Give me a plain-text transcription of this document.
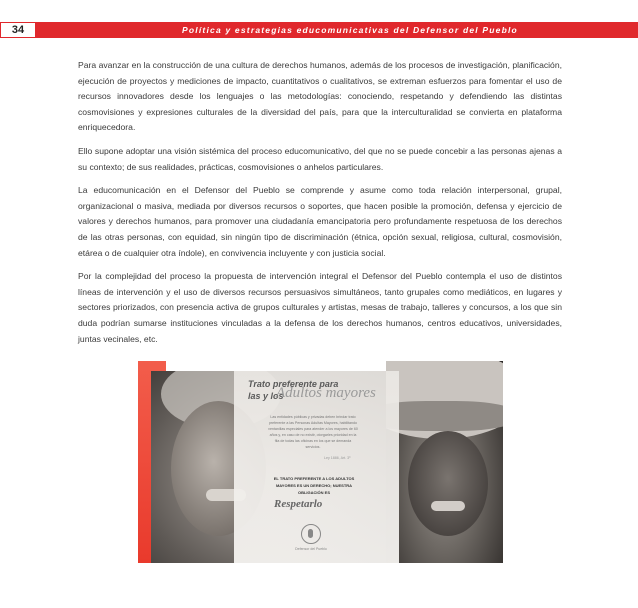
34	Política y estrategias educomunicativas del Defensor del Pueblo

Para avanzar en la construcción de una cultura de derechos humanos, además de los procesos de investigación, planificación, ejecución de proyectos y mediciones de impacto, cuantitativos o cualitativos, se extreman esfuerzos para fomentar el uso de recursos innovadores desde los lenguajes o las metodologías: conociendo, respetando y defendiendo las distintas cosmovisiones y expresiones culturales de la diversidad del país, para que la interculturalidad se convierta en plataforma enriquecedora.

Ello supone adoptar una visión sistémica del proceso educomunicativo, del que no se puede concebir a las personas ajenas a su contexto; de sus realidades, prácticas, cosmovisiones o anhelos particulares.

La educomunicación en el Defensor del Pueblo se comprende y asume como toda relación interpersonal, grupal, organizacional o masiva, mediada por diversos recursos o soportes, que hacen posible la promoción, defensa y ejercicio de valores y derechos humanos, para promover una ciudadanía emancipatoria pero profundamente respetuosa de los derechos de las otras personas, con equidad, sin ningún tipo de discriminación (étnica, opción sexual, religiosa, cultural, cosmovisión, etárea o de cualquier otra índole), en convivencia incluyente y con justicia social.

Por la complejidad del proceso la propuesta de intervención integral el Defensor del Pueblo contempla el uso de distintos líneas de intervención y el uso de diversos recursos persuasivos simultáneos, tanto grupales como mediáticos, en lugares y sectores priorizados, con presencia activa de grupos culturales y artistas, mesas de trabajo, talleres y concursos, a los que sin duda podrían sumarse instituciones vinculadas a la defensa de los derechos humanos, centros educativos, universidades, juntas vecinales, etc.

Trato preferente para
las y los
Adultos mayores
Las entidades públicas y privadas deben brindar trato preferente a las Personas Adultas Mayores, habilitando ventanillas especiales para atender a los mayores de 60 años y, en caso de no existir, otorgarles prioridad en la fila de todas las oficinas en los que se demanda servicios.
Ley 1886, Art. 3º
EL TRATO PREFERENTE A LOS ADULTOS MAYORES ES UN DERECHO; NUESTRA OBLIGACIÓN ES
Respetarlo
Defensor del Pueblo
